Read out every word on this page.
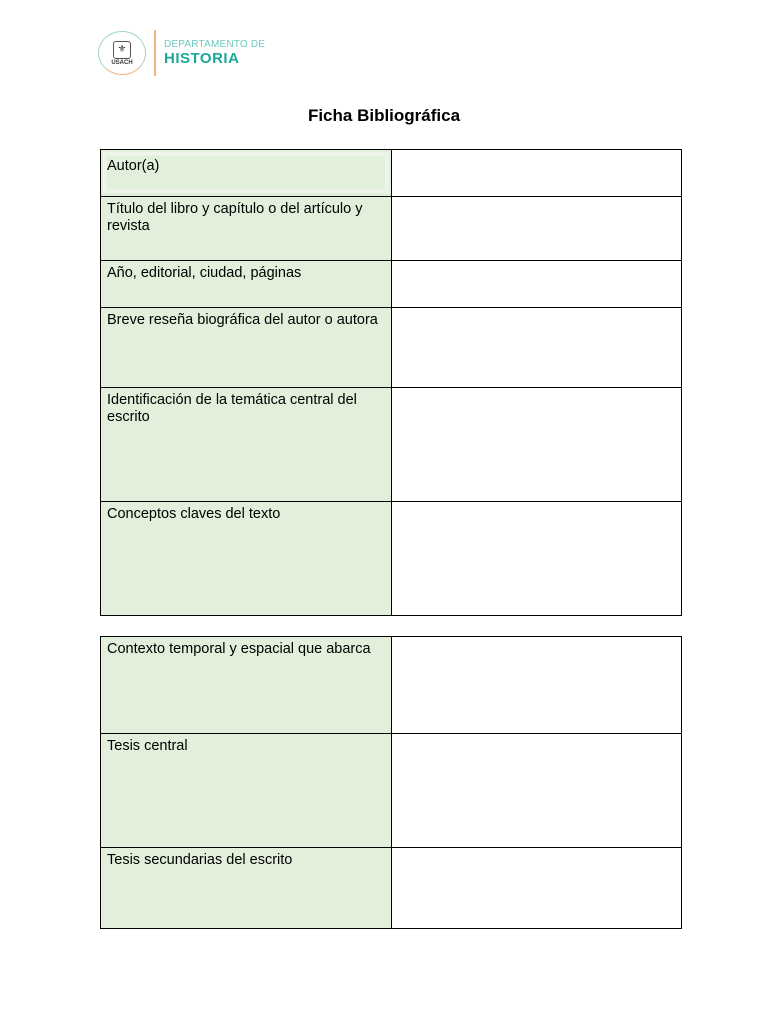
⚜
USACH
DEPARTAMENTO DE
HISTORIA
Ficha Bibliográfica
Autor(a)	

Título del libro y capítulo o del artículo y revista	
Año, editorial, ciudad, páginas	
Breve reseña biográfica del autor o autora	
Identificación de la temática central del escrito	
Conceptos claves del texto	
Contexto temporal y espacial que abarca	
Tesis central	
Tesis secundarias del escrito	
